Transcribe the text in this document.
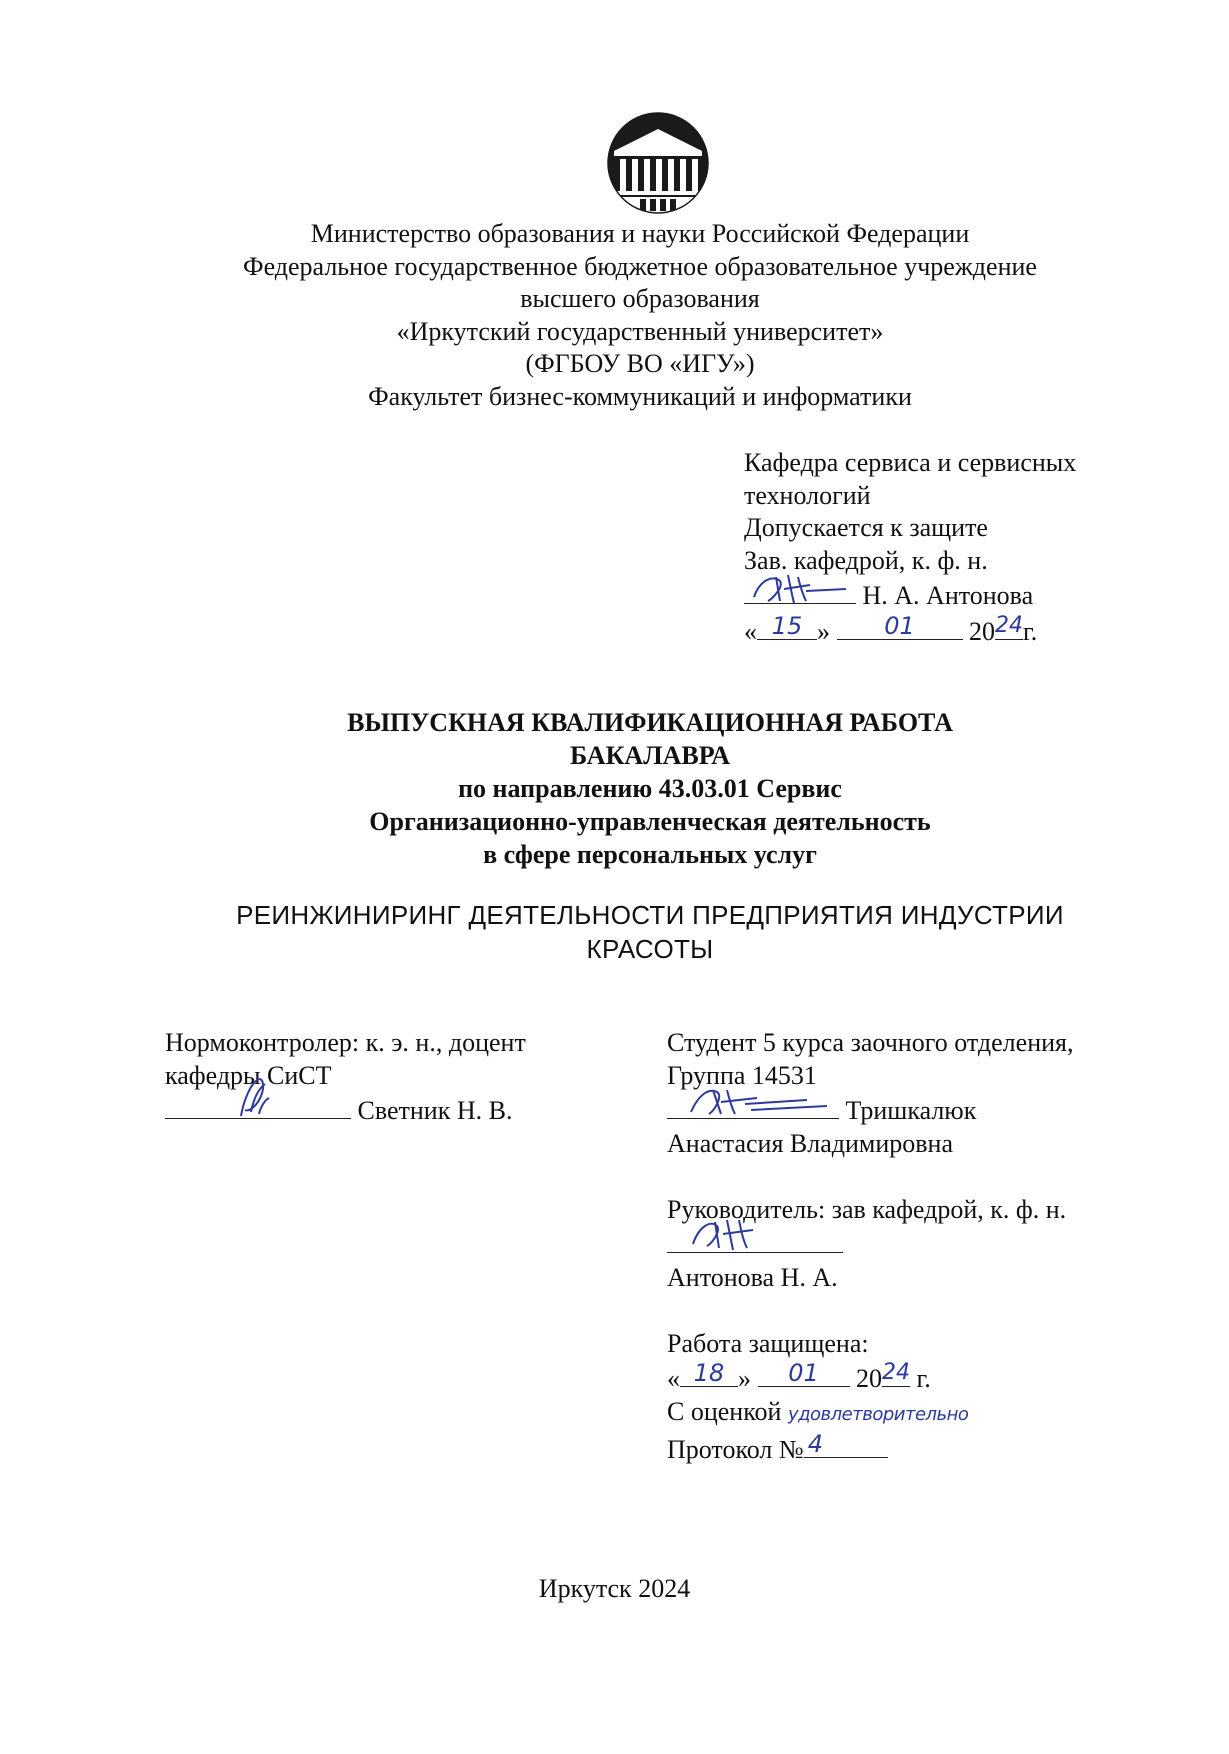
Министерство образования и науки Российской Федерации
Федеральное государственное бюджетное образовательное учреждение
высшего образования
«Иркутский государственный университет»
(ФГБОУ ВО «ИГУ»)
Факультет бизнес-коммуникаций и информатики
Кафедра сервиса и сервисных
технологий
Допускается к защите
Зав. кафедрой, к. ф. н.
Н. А. Антонова
« 15 »	01	20 24 г.
ВЫПУСКНАЯ КВАЛИФИКАЦИОННАЯ РАБОТА
БАКАЛАВРА
по направлению 43.03.01 Сервис
Организационно-управленческая деятельность
в сфере персональных услуг
РЕИНЖИНИРИНГ ДЕЯТЕЛЬНОСТИ ПРЕДПРИЯТИЯ ИНДУСТРИИ
КРАСОТЫ
Нормоконтролер: к. э. н., доцент
кафедры СиСТ
Светник Н. В.
Студент 5 курса заочного отделения,
Группа 14531
Тришкалюк
Анастасия Владимировна
Руководитель: зав кафедрой, к. ф. н.
Антонова Н. А.
Работа защищена:
« 18 »	01	20 24 г.
С оценкой удовлетворительно
Протокол № 4
Иркутск 2024
